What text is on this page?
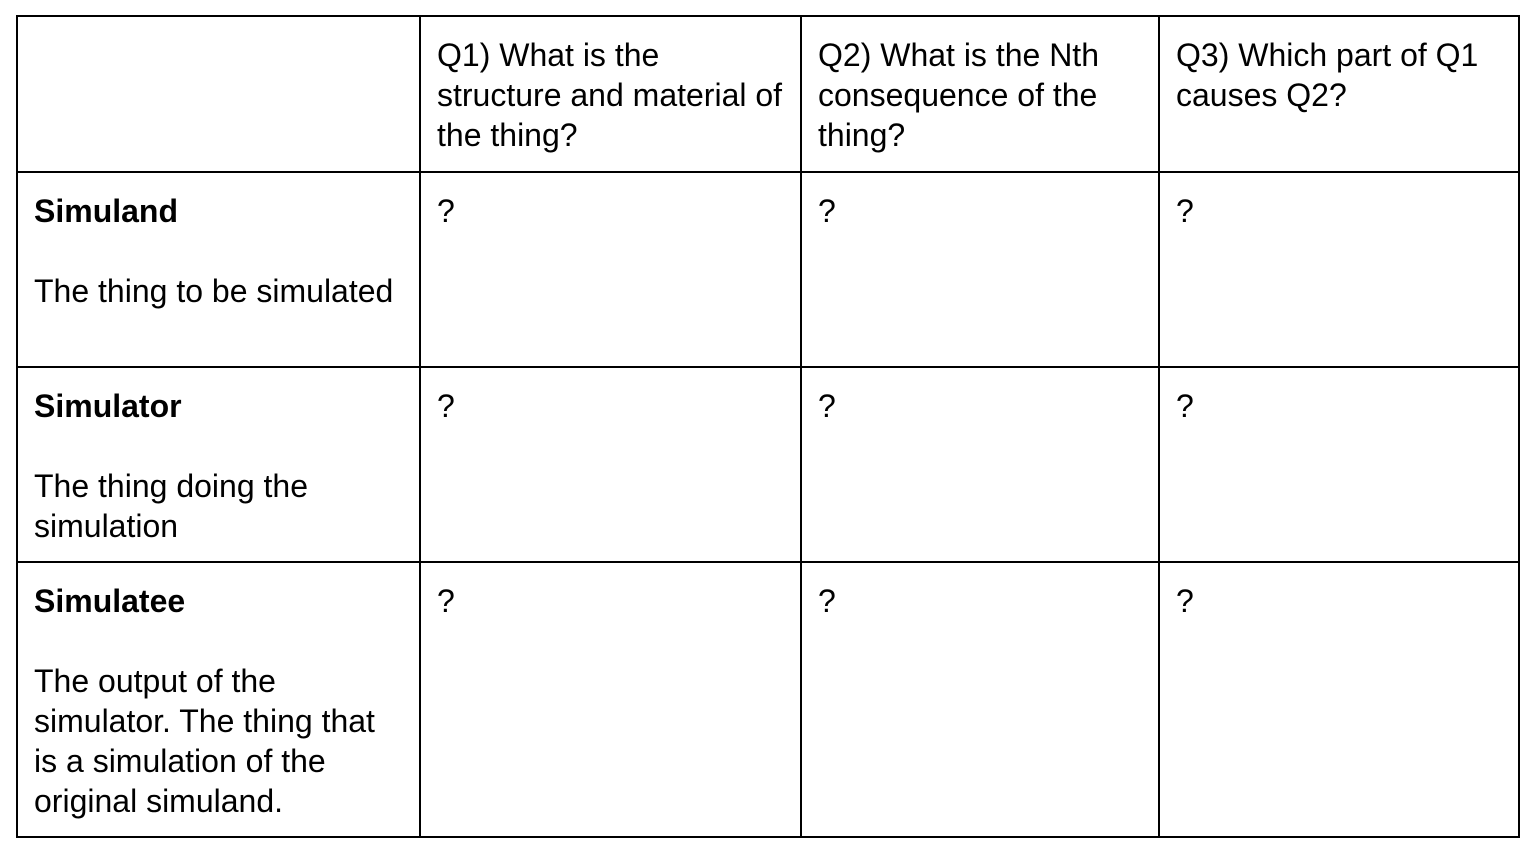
	Q1) What is the structure and material of the thing?	Q2) What is the Nth consequence of the thing?	Q3) Which part of Q1 causes Q2?

Simuland
The thing to be simulated	?	?	?

Simulator
The thing doing the simulation	?	?	?

Simulatee
The output of the simulator. The thing that is a simulation of the original simuland.	?	?	?
